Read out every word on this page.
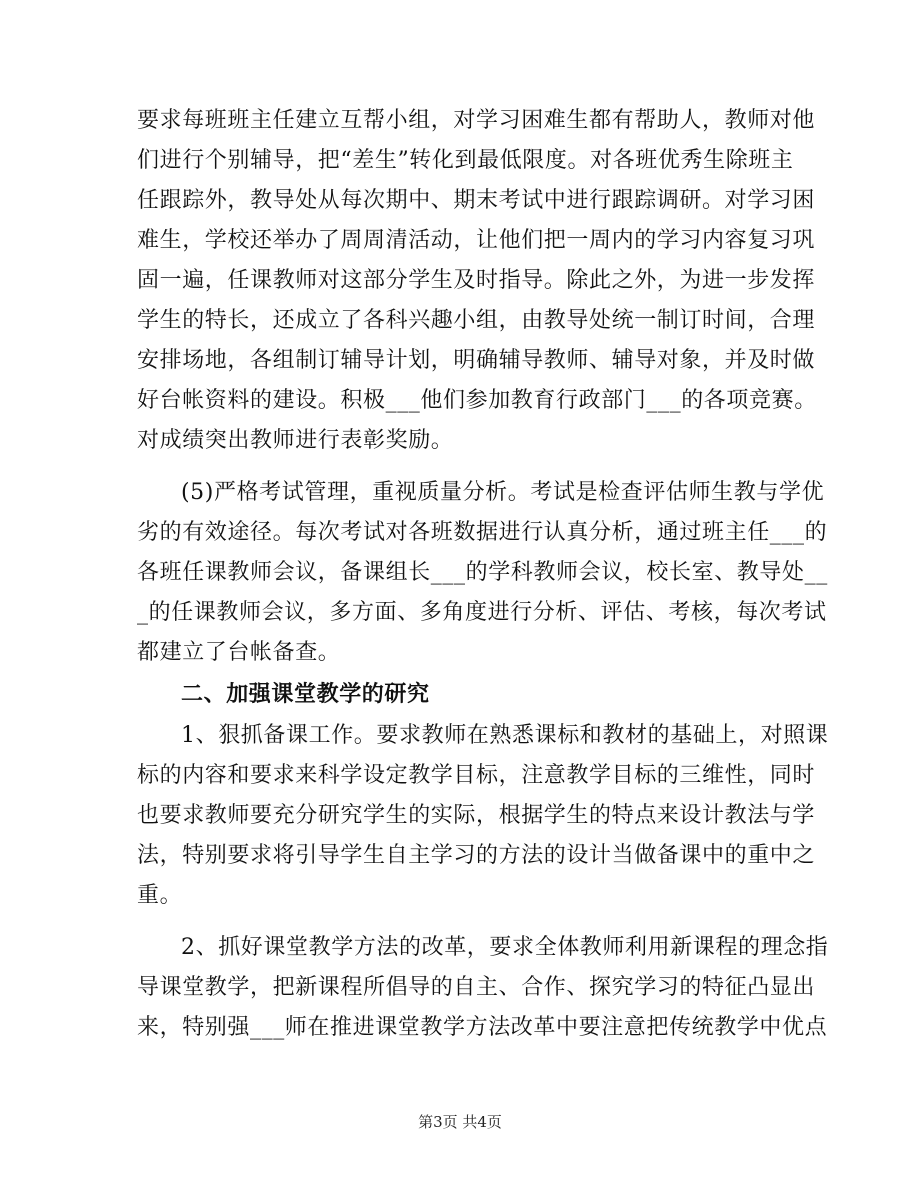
要求每班班主任建立互帮小组，对学习困难生都有帮助人，教师对他
们进行个别辅导，把“差生”转化到最低限度。对各班优秀生除班主
任跟踪外，教导处从每次期中、期末考试中进行跟踪调研。对学习困
难生，学校还举办了周周清活动，让他们把一周内的学习内容复习巩
固一遍，任课教师对这部分学生及时指导。除此之外，为进一步发挥
学生的特长，还成立了各科兴趣小组，由教导处统一制订时间，合理
安排场地，各组制订辅导计划，明确辅导教师、辅导对象，并及时做
好台帐资料的建设。积极___他们参加教育行政部门___的各项竞赛。
对成绩突出教师进行表彰奖励。
(5)严格考试管理，重视质量分析。考试是检查评估师生教与学优
劣的有效途径。每次考试对各班数据进行认真分析，通过班主任___的
各班任课教师会议，备课组长___的学科教师会议，校长室、教导处__
_的任课教师会议，多方面、多角度进行分析、评估、考核，每次考试
都建立了台帐备查。
二、加强课堂教学的研究
1、狠抓备课工作。要求教师在熟悉课标和教材的基础上，对照课
标的内容和要求来科学设定教学目标，注意教学目标的三维性，同时
也要求教师要充分研究学生的实际，根据学生的特点来设计教法与学
法，特别要求将引导学生自主学习的方法的设计当做备课中的重中之
重。
2、抓好课堂教学方法的改革，要求全体教师利用新课程的理念指
导课堂教学，把新课程所倡导的自主、合作、探究学习的特征凸显出
来，特别强___师在推进课堂教学方法改革中要注意把传统教学中优点
第3页 共4页
